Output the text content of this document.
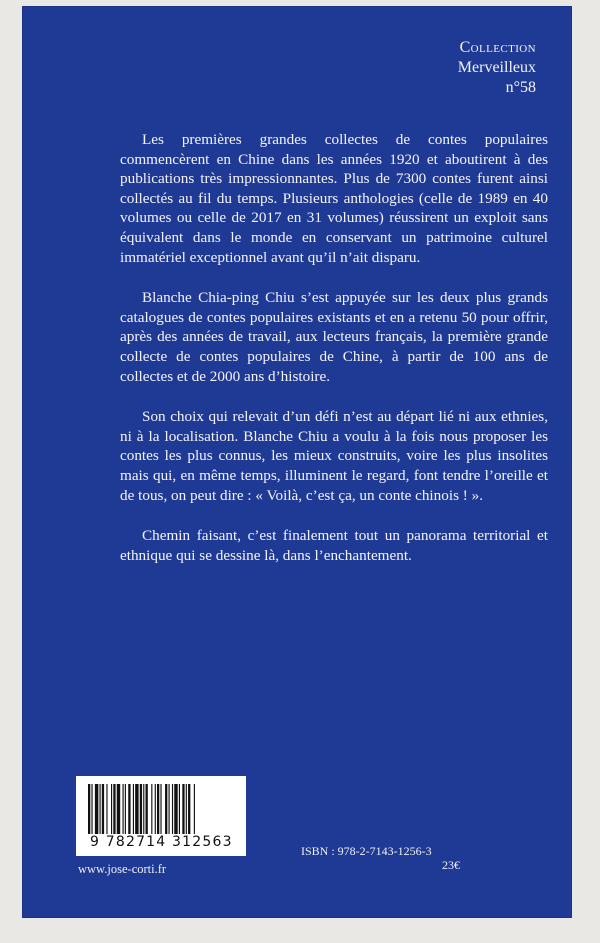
Collection
Merveilleux
n°58

Les premières grandes collectes de contes populaires commencèrent en Chine dans les années 1920 et aboutirent à des publications très impressionnantes. Plus de 7300 contes furent ainsi collectés au fil du temps. Plusieurs anthologies (celle de 1989 en 40 volumes ou celle de 2017 en 31 volumes) réussirent un exploit sans équivalent dans le monde en conservant un patrimoine culturel immatériel exceptionnel avant qu’il n’ait disparu.

Blanche Chia-ping Chiu s’est appuyée sur les deux plus grands catalogues de contes populaires existants et en a retenu 50 pour offrir, après des années de travail, aux lecteurs français, la première grande collecte de contes populaires de Chine, à partir de 100 ans de collectes et de 2000 ans d’histoire.

Son choix qui relevait d’un défi n’est au départ lié ni aux ethnies, ni à la localisation. Blanche Chiu a voulu à la fois nous proposer les contes les plus connus, les mieux construits, voire les plus insolites mais qui, en même temps, illuminent le regard, font tendre l’oreille et de tous, on peut dire : « Voilà, c’est ça, un conte chinois ! ».

Chemin faisant, c’est finalement tout un panorama territorial et ethnique qui se dessine là, dans l’enchantement.

9 782714 312563
www.jose-corti.fr
ISBN : 978-2-7143-1256-3
23€
